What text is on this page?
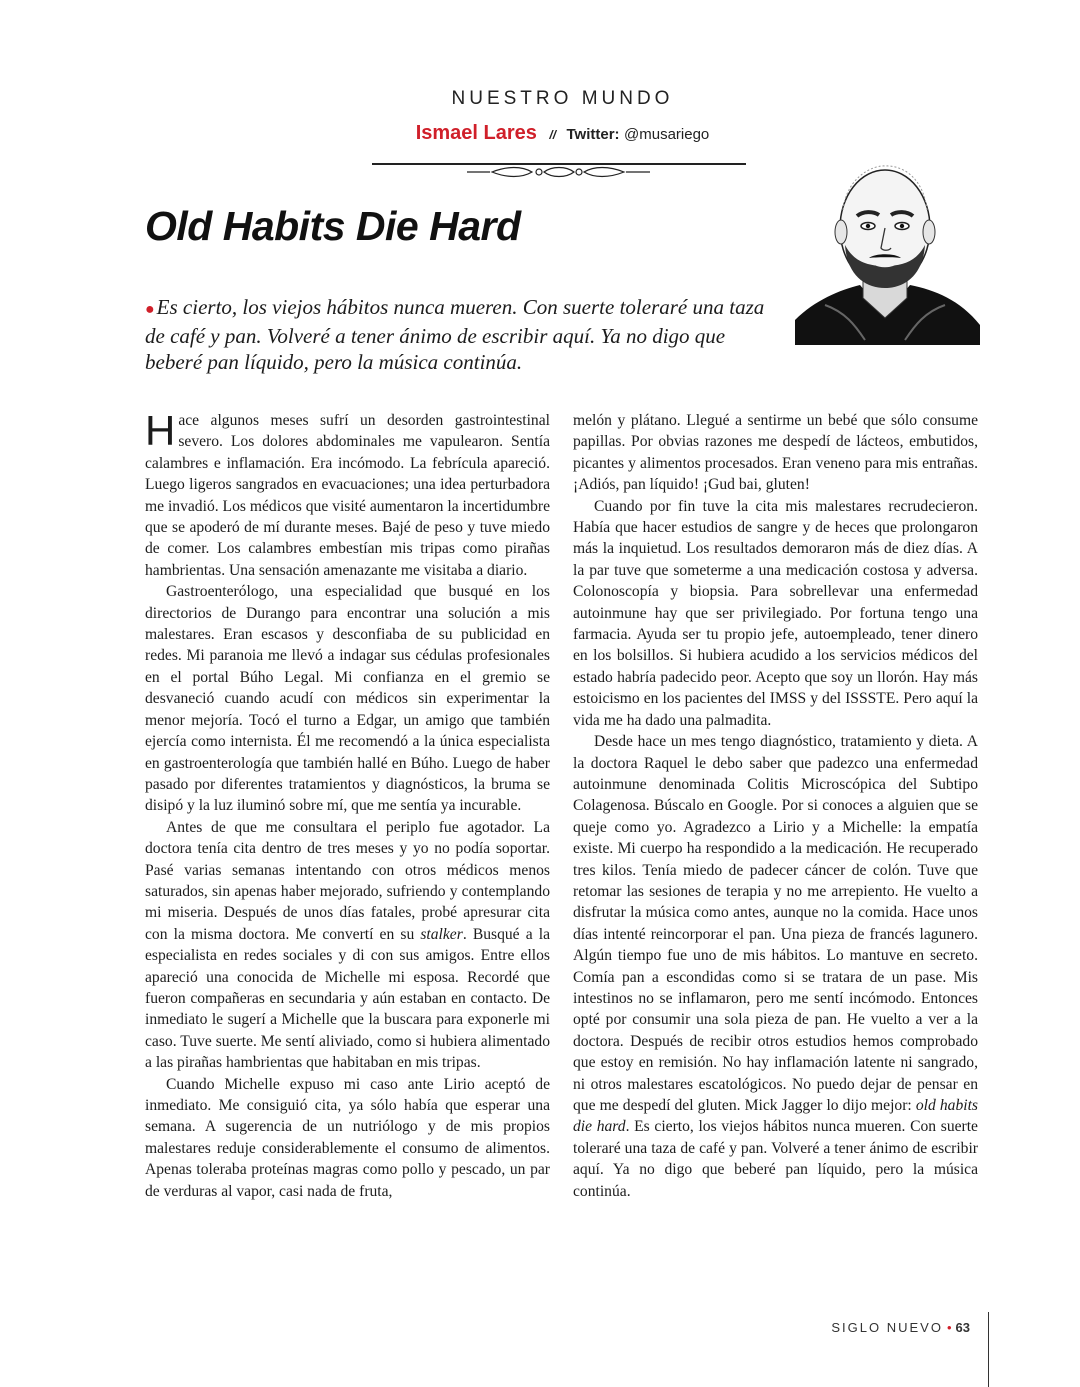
NUESTRO MUNDO
Ismael Lares // Twitter: @musariego
Old Habits Die Hard
●Es cierto, los viejos hábitos nunca mueren. Con suerte toleraré una taza de café y pan. Volveré a tener ánimo de escribir aquí. Ya no digo que beberé pan líquido, pero la música continúa.

Hace algunos meses sufrí un desorden gastrointestinal severo. Los dolores abdominales me vapulearon. Sentía calambres e inflamación. Era incómodo. La febrícula apareció. Luego ligeros sangrados en evacuaciones; una idea perturbadora me invadió. Los médicos que visité aumentaron la incertidumbre que se apoderó de mí durante meses. Bajé de peso y tuve miedo de comer. Los calambres embestían mis tripas como pirañas hambrientas. Una sensación amenazante me visitaba a diario.

Gastroenterólogo, una especialidad que busqué en los directorios de Durango para encontrar una solución a mis malestares. Eran escasos y desconfiaba de su publicidad en redes. Mi paranoia me llevó a indagar sus cédulas profesionales en el portal Búho Legal. Mi confianza en el gremio se desvaneció cuando acudí con médicos sin experimentar la menor mejoría. Tocó el turno a Edgar, un amigo que también ejercía como internista. Él me recomendó a la única especialista en gastroenterología que también hallé en Búho. Luego de haber pasado por diferentes tratamientos y diagnósticos, la bruma se disipó y la luz iluminó sobre mí, que me sentía ya incurable.

Antes de que me consultara el periplo fue agotador. La doctora tenía cita dentro de tres meses y yo no podía soportar. Pasé varias semanas intentando con otros médicos menos saturados, sin apenas haber mejorado, sufriendo y contemplando mi miseria. Después de unos días fatales, probé apresurar cita con la misma doctora. Me convertí en su stalker. Busqué a la especialista en redes sociales y di con sus amigos. Entre ellos apareció una conocida de Michelle mi esposa. Recordé que fueron compañeras en secundaria y aún estaban en contacto. De inmediato le sugerí a Michelle que la buscara para exponerle mi caso. Tuve suerte. Me sentí aliviado, como si hubiera alimentado a las pirañas hambrientas que habitaban en mis tripas.

Cuando Michelle expuso mi caso ante Lirio aceptó de inmediato. Me consiguió cita, ya sólo había que esperar una semana. A sugerencia de un nutriólogo y de mis propios malestares reduje considerablemente el consumo de alimentos. Apenas toleraba proteínas magras como pollo y pescado, un par de verduras al vapor, casi nada de fruta,

melón y plátano. Llegué a sentirme un bebé que sólo consume papillas. Por obvias razones me despedí de lácteos, embutidos, picantes y alimentos procesados. Eran veneno para mis entrañas. ¡Adiós, pan líquido! ¡Gud bai, gluten!

Cuando por fin tuve la cita mis malestares recrudecieron. Había que hacer estudios de sangre y de heces que prolongaron más la inquietud. Los resultados demoraron más de diez días. A la par tuve que someterme a una medicación costosa y adversa. Colonoscopía y biopsia. Para sobrellevar una enfermedad autoinmune hay que ser privilegiado. Por fortuna tengo una farmacia. Ayuda ser tu propio jefe, autoempleado, tener dinero en los bolsillos. Si hubiera acudido a los servicios médicos del estado habría padecido peor. Acepto que soy un llorón. Hay más estoicismo en los pacientes del IMSS y del ISSSTE. Pero aquí la vida me ha dado una palmadita.

Desde hace un mes tengo diagnóstico, tratamiento y dieta. A la doctora Raquel le debo saber que padezco una enfermedad autoinmune denominada Colitis Microscópica del Subtipo Colagenosa. Búscalo en Google. Por si conoces a alguien que se queje como yo. Agradezco a Lirio y a Michelle: la empatía existe. Mi cuerpo ha respondido a la medicación. He recuperado tres kilos. Tenía miedo de padecer cáncer de colón. Tuve que retomar las sesiones de terapia y no me arrepiento. He vuelto a disfrutar la música como antes, aunque no la comida. Hace unos días intenté reincorporar el pan. Una pieza de francés lagunero. Algún tiempo fue uno de mis hábitos. Lo mantuve en secreto. Comía pan a escondidas como si se tratara de un pase. Mis intestinos no se inflamaron, pero me sentí incómodo. Entonces opté por consumir una sola pieza de pan. He vuelto a ver a la doctora. Después de recibir otros estudios hemos comprobado que estoy en remisión. No hay inflamación latente ni sangrado, ni otros malestares escatológicos. No puedo dejar de pensar en que me despedí del gluten. Mick Jagger lo dijo mejor: old habits die hard. Es cierto, los viejos hábitos nunca mueren. Con suerte toleraré una taza de café y pan. Volveré a tener ánimo de escribir aquí. Ya no digo que beberé pan líquido, pero la música continúa.

SIGLO NUEVO • 63
